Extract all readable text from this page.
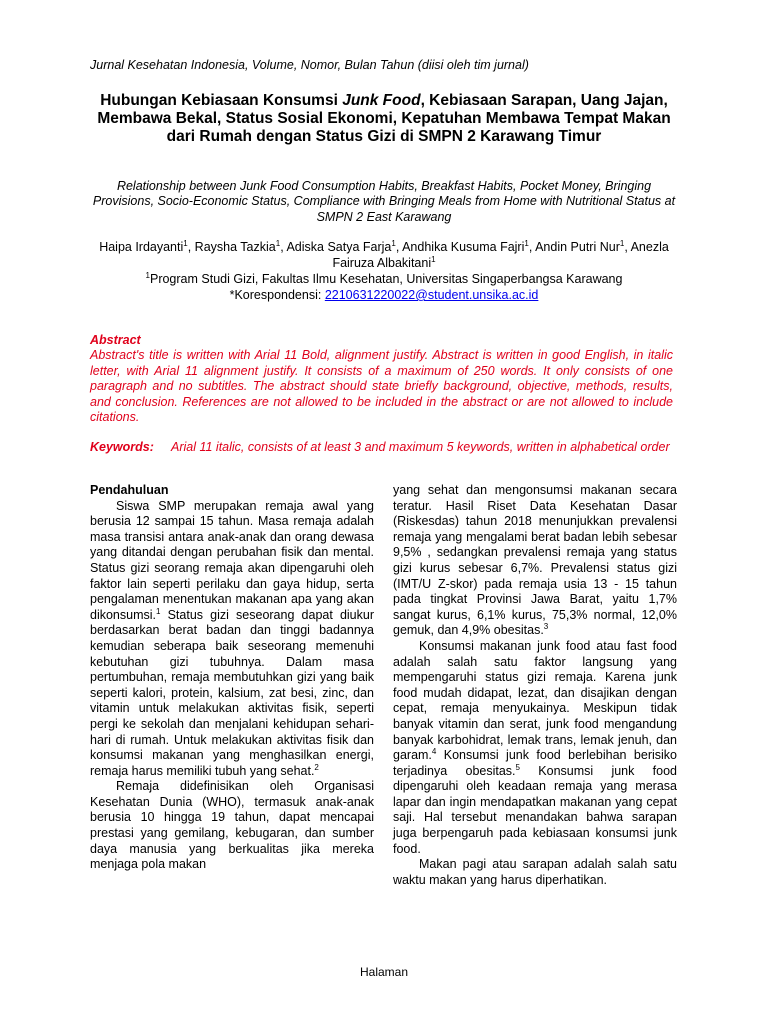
Jurnal Kesehatan Indonesia, Volume, Nomor, Bulan Tahun (diisi oleh tim jurnal)
Hubungan Kebiasaan Konsumsi Junk Food, Kebiasaan Sarapan, Uang Jajan, Membawa Bekal, Status Sosial Ekonomi, Kepatuhan Membawa Tempat Makan dari Rumah dengan Status Gizi di SMPN 2 Karawang Timur
Relationship between Junk Food Consumption Habits, Breakfast Habits, Pocket Money, Bringing Provisions, Socio-Economic Status, Compliance with Bringing Meals from Home with Nutritional Status at SMPN 2 East Karawang
Haipa Irdayanti$^1$, Raysha Tazkia$^1$, Adiska Satya Farja$^1$, Andhika Kusuma Fajri$^1$, Andin Putri Nur$^1$, Anezla Fairuza Albakitani$^1$
$^1$Program Studi Gizi, Fakultas Ilmu Kesehatan, Universitas Singaperbangsa Karawang
*Korespondensi: 2210631220022@student.unsika.ac.id
Abstract
Abstract's title is written with Arial 11 Bold, alignment justify. Abstract is written in good English, in italic letter, with Arial 11 alignment justify. It consists of a maximum of 250 words. It only consists of one paragraph and no subtitles. The abstract should state briefly background, objective, methods, results, and conclusion. References are not allowed to be included in the abstract or are not allowed to include citations.
Keywords: Arial 11 italic, consists of at least 3 and maximum 5 keywords, written in alphabetical order

Pendahuluan

Siswa SMP merupakan remaja awal yang berusia 12 sampai 15 tahun. Masa remaja adalah masa transisi antara anak-anak dan orang dewasa yang ditandai dengan perubahan fisik dan mental. Status gizi seorang remaja akan dipengaruhi oleh faktor lain seperti perilaku dan gaya hidup, serta pengalaman menentukan makanan apa yang akan dikonsumsi.$^1$ Status gizi seseorang dapat diukur berdasarkan berat badan dan tinggi badannya kemudian seberapa baik seseorang memenuhi kebutuhan gizi tubuhnya. Dalam masa pertumbuhan, remaja membutuhkan gizi yang baik seperti kalori, protein, kalsium, zat besi, zinc, dan vitamin untuk melakukan aktivitas fisik, seperti pergi ke sekolah dan menjalani kehidupan sehari-hari di rumah. Untuk melakukan aktivitas fisik dan konsumsi makanan yang menghasilkan energi, remaja harus memiliki tubuh yang sehat.$^2$

Remaja didefinisikan oleh Organisasi Kesehatan Dunia (WHO), termasuk anak-anak berusia 10 hingga 19 tahun, dapat mencapai prestasi yang gemilang, kebugaran, dan sumber daya manusia yang berkualitas jika mereka menjaga pola makan

yang sehat dan mengonsumsi makanan secara teratur. Hasil Riset Data Kesehatan Dasar (Riskesdas) tahun 2018 menunjukkan prevalensi remaja yang mengalami berat badan lebih sebesar 9,5% , sedangkan prevalensi remaja yang status gizi kurus sebesar 6,7%. Prevalensi status gizi (IMT/U Z-skor) pada remaja usia 13 - 15 tahun pada tingkat Provinsi Jawa Barat, yaitu 1,7% sangat kurus, 6,1% kurus, 75,3% normal, 12,0% gemuk, dan 4,9% obesitas.$^3$

Konsumsi makanan junk food atau fast food adalah salah satu faktor langsung yang mempengaruhi status gizi remaja. Karena junk food mudah didapat, lezat, dan disajikan dengan cepat, remaja menyukainya. Meskipun tidak banyak vitamin dan serat, junk food mengandung banyak karbohidrat, lemak trans, lemak jenuh, dan garam.$^4$ Konsumsi junk food berlebihan berisiko terjadinya obesitas.$^5$ Konsumsi junk food dipengaruhi oleh keadaan remaja yang merasa lapar dan ingin mendapatkan makanan yang cepat saji. Hal tersebut menandakan bahwa sarapan juga berpengaruh pada kebiasaan konsumsi junk food.

Makan pagi atau sarapan adalah salah satu waktu makan yang harus diperhatikan.

Halaman
